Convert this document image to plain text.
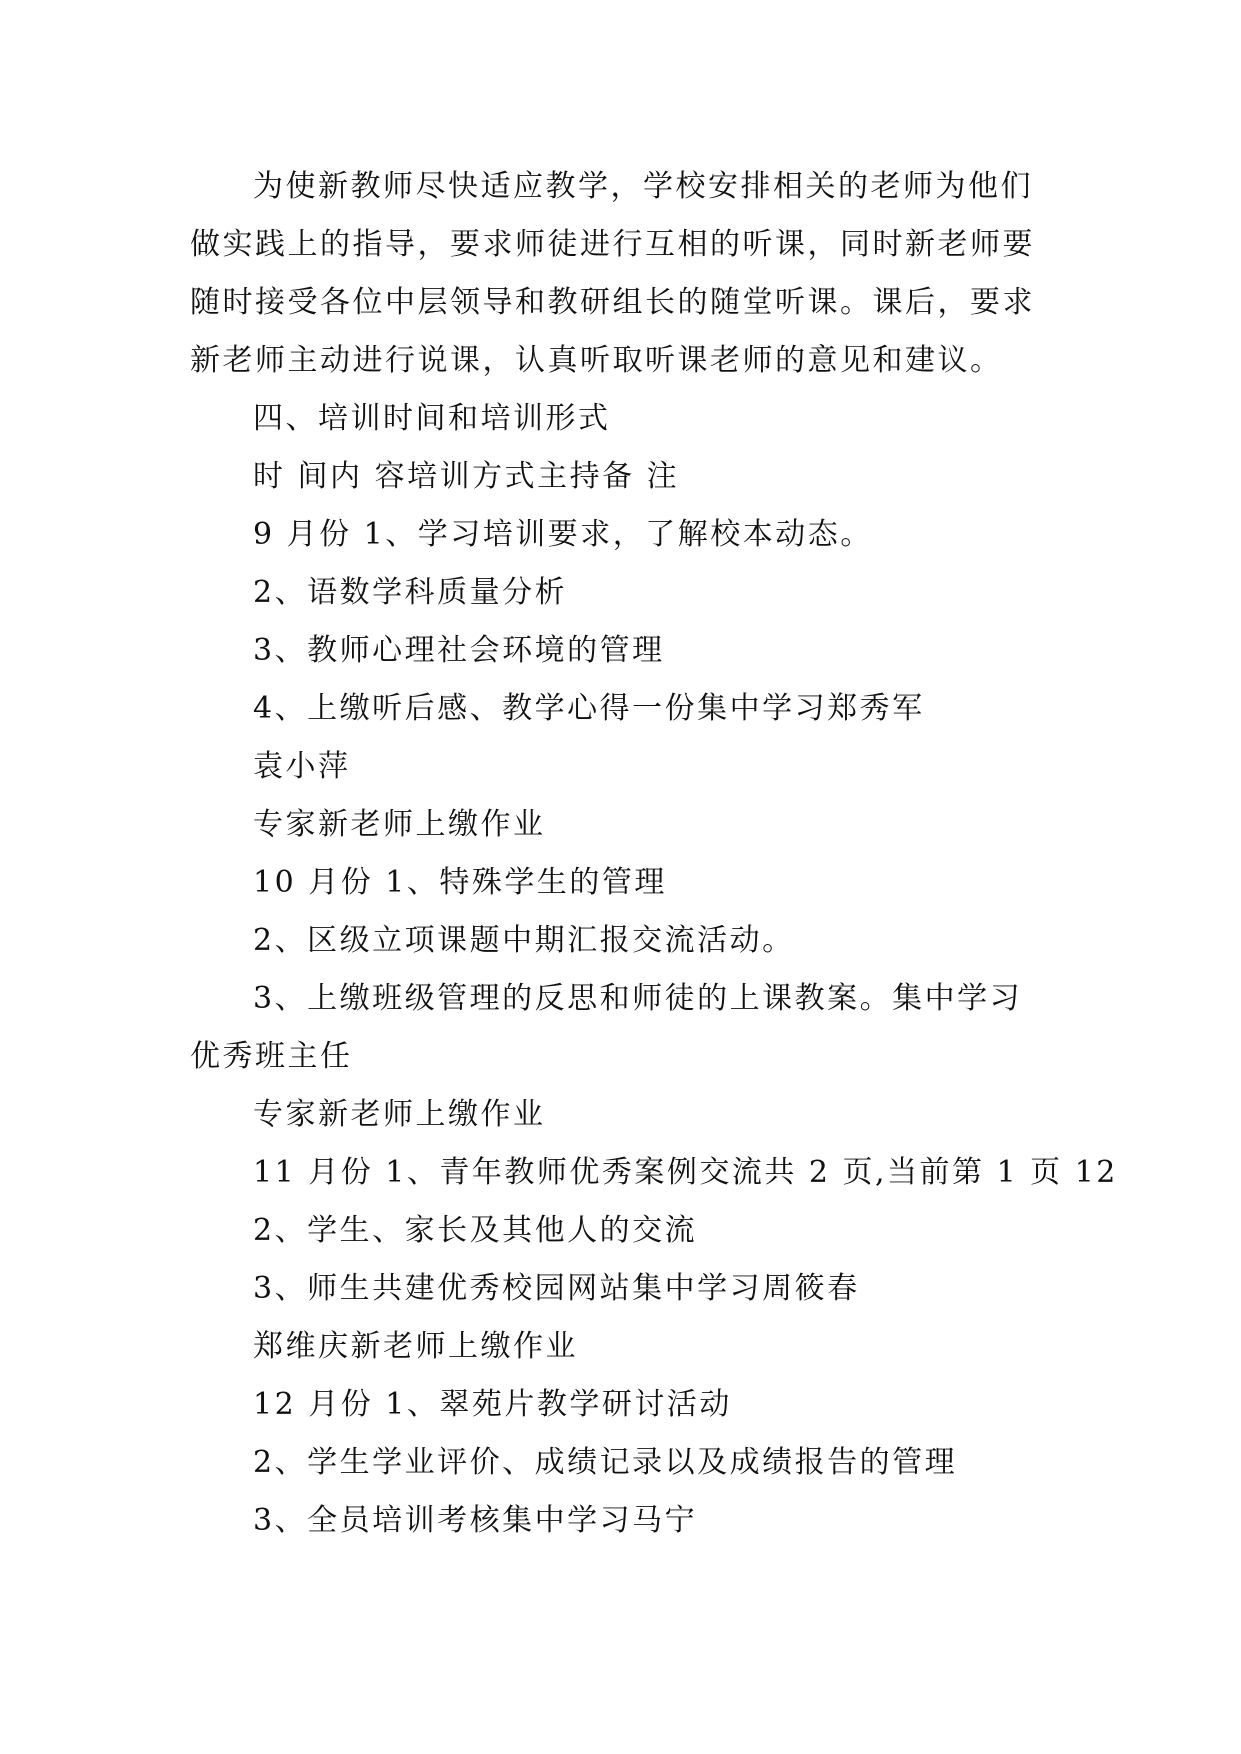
为使新教师尽快适应教学，学校安排相关的老师为他们

做实践上的指导，要求师徒进行互相的听课，同时新老师要

随时接受各位中层领导和教研组长的随堂听课。课后，要求

新老师主动进行说课，认真听取听课老师的意见和建议。

四、培训时间和培训形式

时 间内 容培训方式主持备 注

9 月份 1、学习培训要求，了解校本动态。

2、语数学科质量分析

3、教师心理社会环境的管理

4、上缴听后感、教学心得一份集中学习郑秀军

袁小萍

专家新老师上缴作业

10 月份 1、特殊学生的管理

2、区级立项课题中期汇报交流活动。

3、上缴班级管理的反思和师徒的上课教案。集中学习

优秀班主任

专家新老师上缴作业

11 月份 1、青年教师优秀案例交流共 2 页,当前第 1 页 12

2、学生、家长及其他人的交流

3、师生共建优秀校园网站集中学习周筱春

郑维庆新老师上缴作业

12 月份 1、翠苑片教学研讨活动

2、学生学业评价、成绩记录以及成绩报告的管理

3、全员培训考核集中学习马宁
